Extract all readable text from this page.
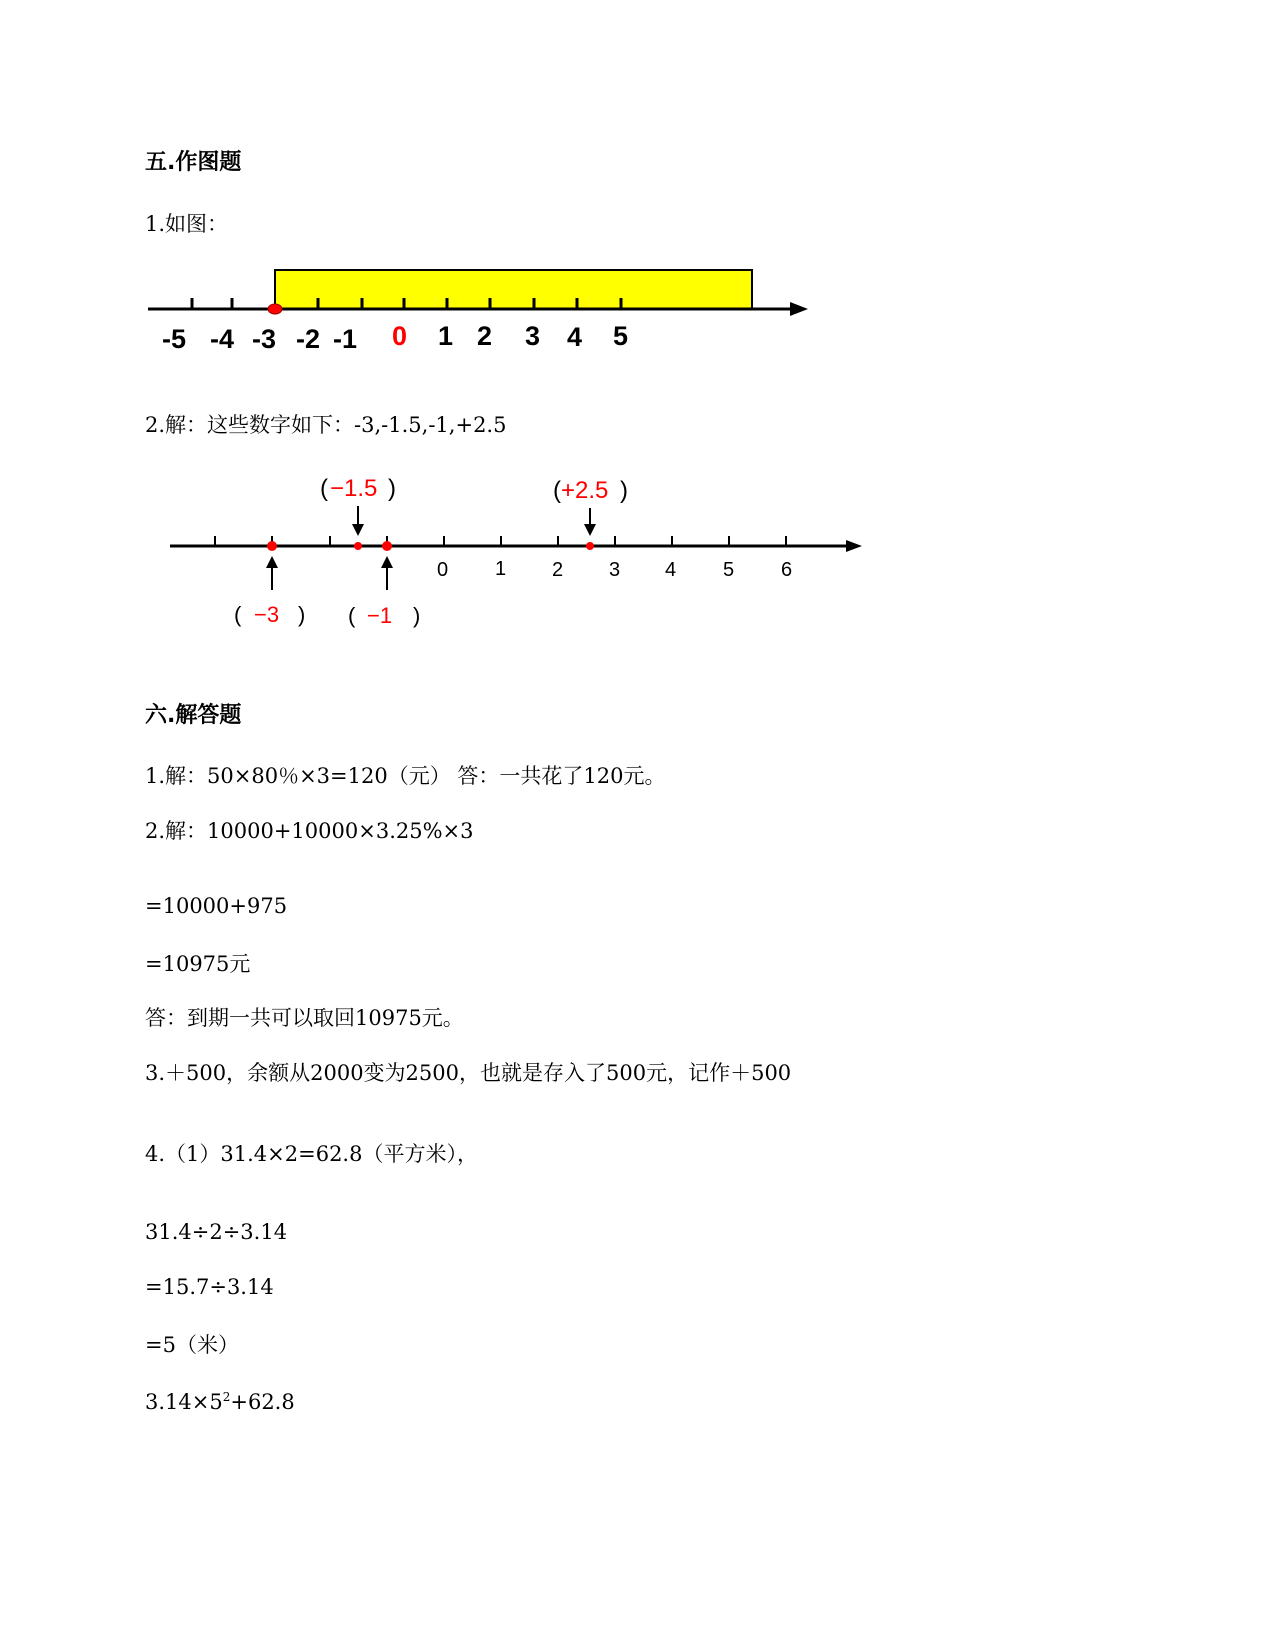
五.作图题
1.如图：
-5 -4 -3 -2 -1 0 1 2 3 4 5
2.解：这些数字如下：-3,-1.5,-1,+2.5
0 1 2 3 4 5 6
( −1.5 )	( +2.5 )
( −3 ) ( −1 )
六.解答题
1.解：50×80％×3=120（元） 答：一共花了120元。
2.解：10000+10000×3.25%×3
=10000+975
=10975元
答：到期一共可以取回10975元。
3.＋500，余额从2000变为2500，也就是存入了500元，记作＋500
4.（1）31.4×2=62.8（平方米），
31.4÷2÷3.14
=15.7÷3.14
=5（米）
$3.14\times 5^2+62.8$
